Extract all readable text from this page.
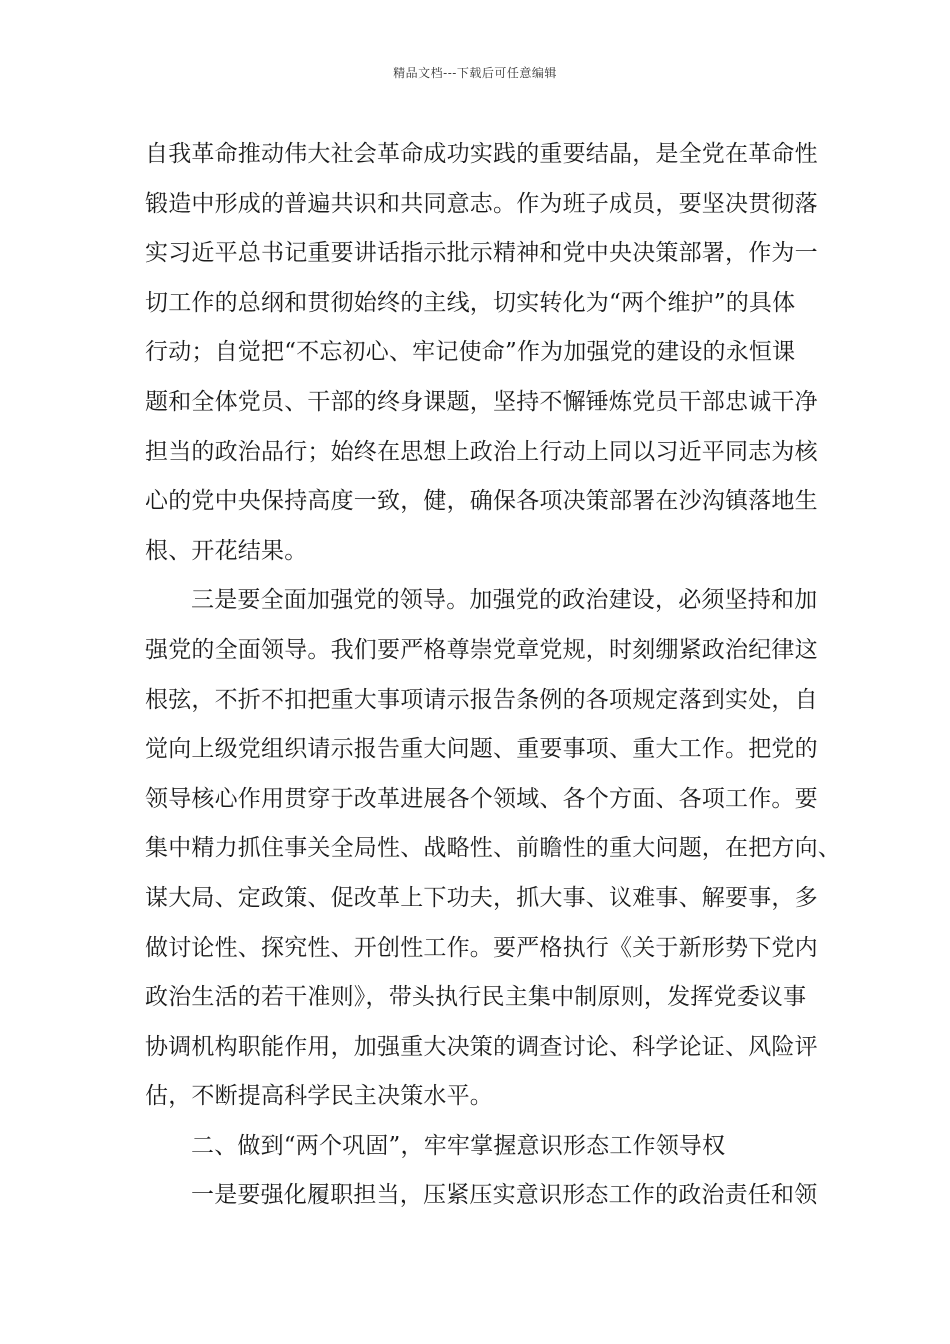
精品文档---下载后可任意编辑
自我革命推动伟大社会革命成功实践的重要结晶，是全党在革命性
锻造中形成的普遍共识和共同意志。作为班子成员，要坚决贯彻落
实习近平总书记重要讲话指示批示精神和党中央决策部署，作为一
切工作的总纲和贯彻始终的主线，切实转化为“两个维护”的具体
行动；自觉把“不忘初心、牢记使命”作为加强党的建设的永恒课
题和全体党员、干部的终身课题，坚持不懈锤炼党员干部忠诚干净
担当的政治品行；始终在思想上政治上行动上同以习近平同志为核
心的党中央保持高度一致，健，确保各项决策部署在沙沟镇落地生
根、开花结果。
三是要全面加强党的领导。加强党的政治建设，必须坚持和加
强党的全面领导。我们要严格尊崇党章党规，时刻绷紧政治纪律这
根弦，不折不扣把重大事项请示报告条例的各项规定落到实处，自
觉向上级党组织请示报告重大问题、重要事项、重大工作。把党的
领导核心作用贯穿于改革进展各个领域、各个方面、各项工作。要
集中精力抓住事关全局性、战略性、前瞻性的重大问题，在把方向、
谋大局、定政策、促改革上下功夫，抓大事、议难事、解要事，多
做讨论性、探究性、开创性工作。要严格执行《关于新形势下党内
政治生活的若干准则》，带头执行民主集中制原则，发挥党委议事
协调机构职能作用，加强重大决策的调查讨论、科学论证、风险评
估，不断提高科学民主决策水平。
二、做到“两个巩固”，牢牢掌握意识形态工作领导权
一是要强化履职担当，压紧压实意识形态工作的政治责任和领
